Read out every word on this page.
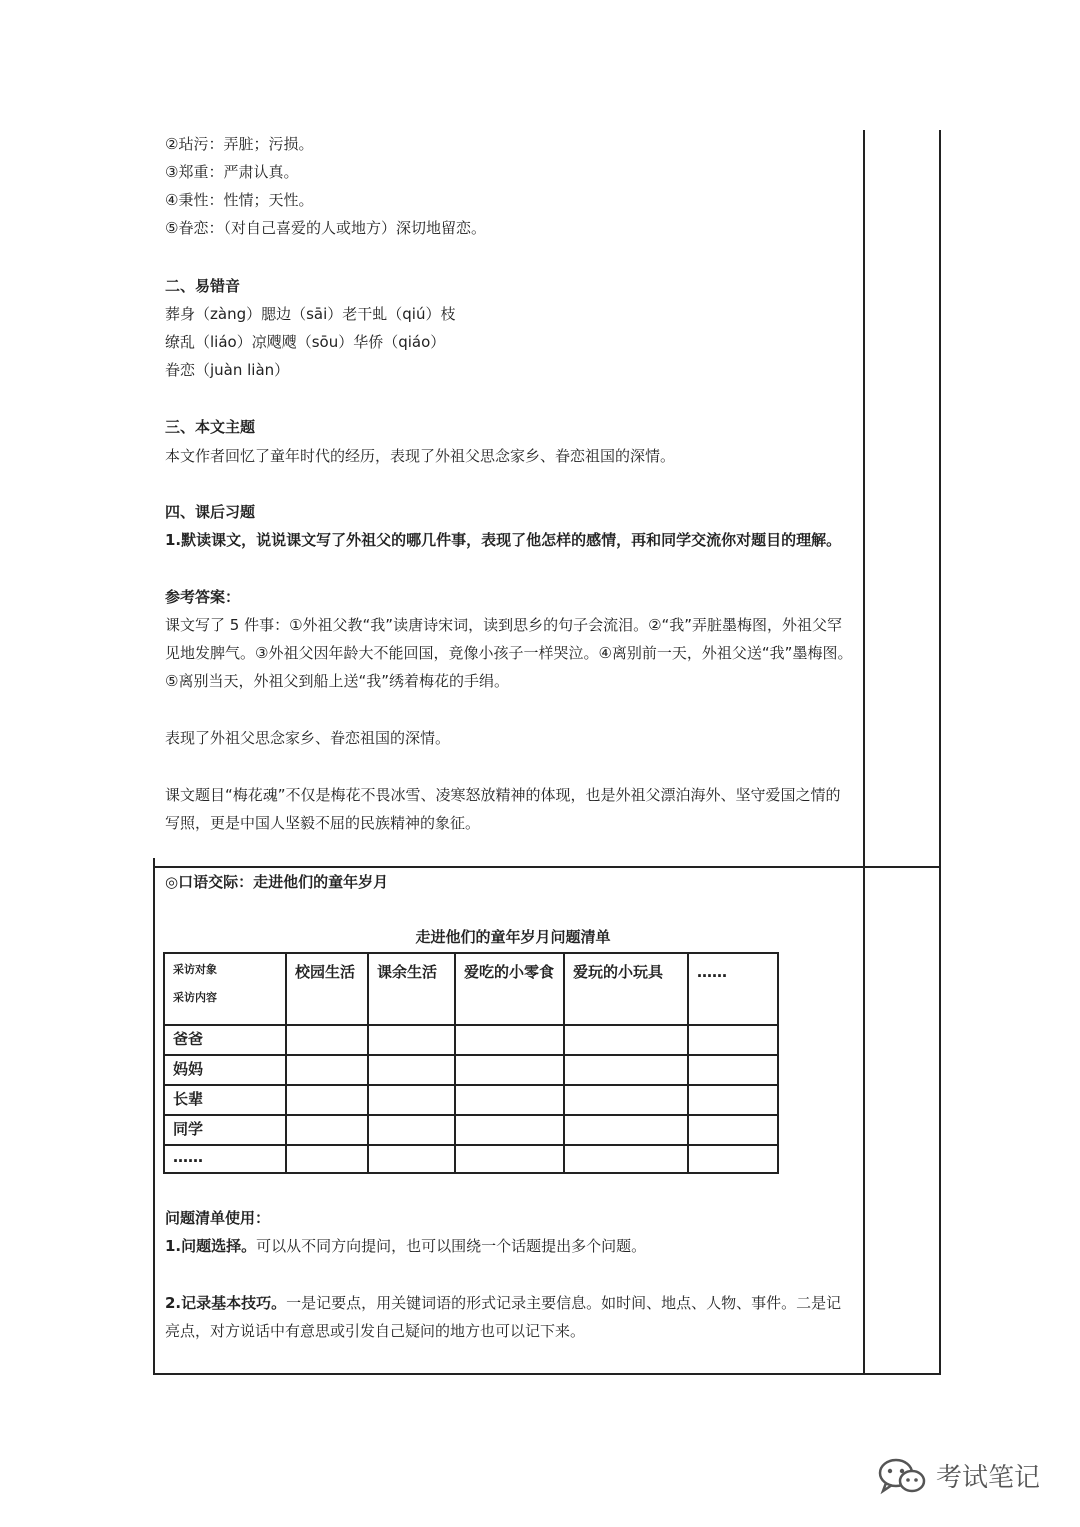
②玷污：弄脏；污损。
③郑重：严肃认真。
④秉性：性情；天性。
⑤眷恋：（对自己喜爱的人或地方）深切地留恋。
二、易错音
葬身（zàng）腮边（sāi）老干虬（qiú）枝
缭乱（liáo）凉飕飕（sōu）华侨（qiáo）
眷恋（juàn liàn）
三、本文主题
本文作者回忆了童年时代的经历，表现了外祖父思念家乡、眷恋祖国的深情。
四、课后习题
1.默读课文，说说课文写了外祖父的哪几件事，表现了他怎样的感情，再和同学交流你对题目的理解。
参考答案：
课文写了 5 件事：①外祖父教“我”读唐诗宋词，读到思乡的句子会流泪。②“我”弄脏墨梅图，外祖父罕见地发脾气。③外祖父因年龄大不能回国，竟像小孩子一样哭泣。④离别前一天，外祖父送“我”墨梅图。⑤离别当天，外祖父到船上送“我”绣着梅花的手绢。
表现了外祖父思念家乡、眷恋祖国的深情。
课文题目“梅花魂”不仅是梅花不畏冰雪、凌寒怒放精神的体现，也是外祖父漂泊海外、坚守爱国之情的写照，更是中国人坚毅不屈的民族精神的象征。
◎口语交际：走进他们的童年岁月
走进他们的童年岁月问题清单
采访对象
采访内容	校园生活	课余生活	爱吃的小零食	爱玩的小玩具	……
爸爸					
妈妈					
长辈					
同学					
……					
问题清单使用：
1.问题选择。可以从不同方向提问，也可以围绕一个话题提出多个问题。
2.记录基本技巧。一是记要点，用关键词语的形式记录主要信息。如时间、地点、人物、事件。二是记亮点，对方说话中有意思或引发自己疑问的地方也可以记下来。
考试笔记
